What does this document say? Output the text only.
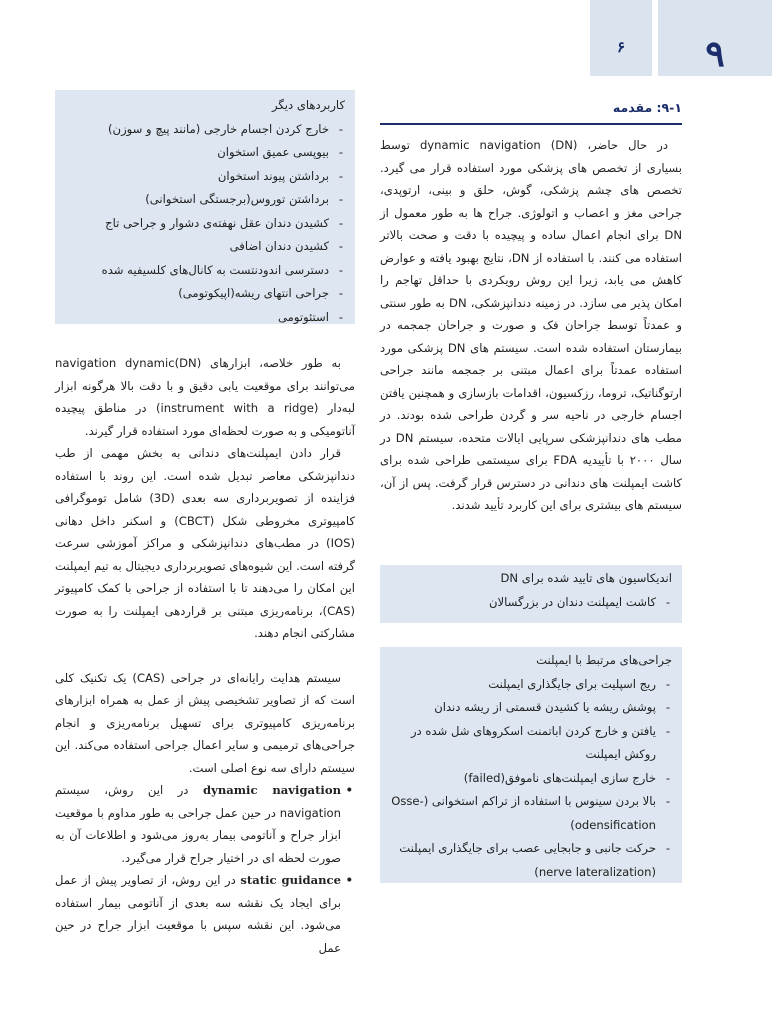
۶	۹
کاربردهای دیگر
- خارج کردن اجسام خارجی (مانند پیچ و سوزن)
- بیوپسی عمیق استخوان
- برداشتن پیوند استخوان
- برداشتن توروس(برجستگی استخوانی)
- کشیدن دندان عقل نهفته‌ی دشوار و جراحی تاج
- کشیدن دندان اضافی
- دسترسی اندودنتست به کانال‌های کلسیفیه شده
- جراحی انتهای ریشه(اپیکوتومی)
- استئوتومی
۹-۱: مقدمه

در حال حاضر، dynamic navigation (DN) توسط بسیاری از تخصص های پزشکی مورد استفاده قرار می گیرد. تخصص های چشم پزشکی، گوش، حلق و بینی، ارتوپدی، جراحی مغز و اعصاب و اتولوژی. جراح ها به طور معمول از DN برای انجام اعمال ساده و پیچیده با دقت و صحت بالاتر استفاده می کنند. با استفاده از DN، نتایج بهبود یافته و عوارض کاهش می یابد، زیرا این روش رویکردی با حداقل تهاجم را امکان پذیر می سازد. در زمینه دندانپزشکی، DN به طور سنتی و عمدتاً توسط جراحان فک و صورت و جراحان جمجمه در بیمارستان استفاده شده است. سیستم های DN پزشکی مورد استفاده عمدتاً برای اعمال مبتنی بر جمجمه مانند جراحی ارتوگناتیک، تروما، رزکسیون، اقدامات بازسازی و همچنین یافتن اجسام خارجی در ناحیه سر و گردن طراحی شده بودند. در مطب های دندانپزشکی سرپایی ایالات متحده، سیستم DN در سال ۲۰۰۰ با تأییدیه FDA برای سیستمی طراحی شده برای کاشت ایمپلنت های دندانی در دسترس قرار گرفت. پس از آن، سیستم های بیشتری برای این کاربرد تأیید شدند.

اندیکاسیون های تایید شده برای DN
- کاشت ایمپلنت دندان در بزرگسالان
جراحی‌های مرتبط با ایمپلنت
- ریج اسپلیت برای جایگذاری ایمپلنت
- پوشش ریشه یا کشیدن قسمتی از ریشه دندان
- یافتن و خارج کردن اباتمنت اسکروهای شل شده در روکش ایمپلنت
- خارج سازی ایمپلنت‌های ناموفق(failed)
- بالا بردن سینوس با استفاده از تراکم استخوانی (Osse-odensification)
- حرکت جانبی و جابجایی عصب برای جایگذاری ایمپلنت (nerve lateralization)

به طور خلاصه، ابزارهای navigation dynamic(DN) می‌توانند برای موقعیت یابی دقیق و با دقت بالا هرگونه ابزار لبه‌دار (instrument with a ridge) در مناطق پیچیده آناتومیکی و به صورت لحظه‌ای مورد استفاده قرار گیرند.

قرار دادن ایمپلنت‌های دندانی به بخش مهمی از طب دندانپزشکی معاصر تبدیل شده است. این روند با استفاده فزاینده از تصویربرداری سه بعدی (3D) شامل توموگرافی کامپیوتری مخروطی شکل (CBCT) و اسکنر داخل دهانی (IOS) در مطب‌های دندانپزشکی و مراکز آموزشی سرعت گرفته است. این شیوه‌های تصویربرداری دیجیتال به تیم ایمپلنت این امکان را می‌دهند تا با استفاده از جراحی با کمک کامپیوتر (CAS)، برنامه‌ریزی مبتنی بر قراردهی ایمپلنت را به صورت مشارکتی انجام دهند.

سیستم هدایت رایانه‌ای در جراحی (CAS) یک تکنیک کلی است که از تصاویر تشخیصی پیش از عمل به همراه ابزارهای برنامه‌ریزی کامپیوتری برای تسهیل برنامه‌ریزی و انجام جراحی‌های ترمیمی و سایر اعمال جراحی استفاده می‌کند. این سیستم دارای سه نوع اصلی است.

• dynamic navigation در این روش، سیستم navigation در حین عمل جراحی به طور مداوم با موقعیت ابزار جراح و آناتومی بیمار به‌روز می‌شود و اطلاعات آن به صورت لحظه ای در اختیار جراح قرار می‌گیرد.
• static guidance در این روش، از تصاویر پیش از عمل برای ایجاد یک نقشه سه بعدی از آناتومی بیمار استفاده می‌شود. این نقشه سپس با موقعیت ابزار جراح در حین عمل
